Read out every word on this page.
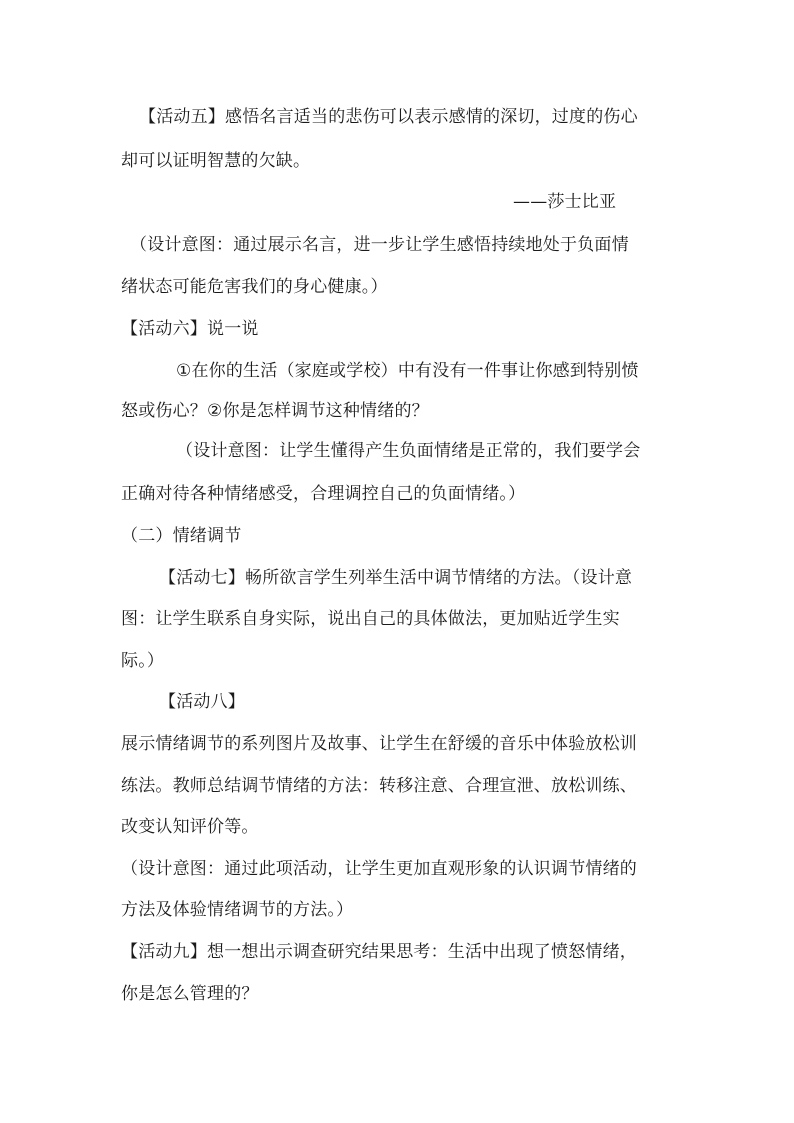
【活动五】感悟名言适当的悲伤可以表示感情的深切，过度的伤心
却可以证明智慧的欠缺。
——莎士比亚
（设计意图：通过展示名言，进一步让学生感悟持续地处于负面情
绪状态可能危害我们的身心健康。）
【活动六】说一说
①在你的生活（家庭或学校）中有没有一件事让你感到特别愤
怒或伤心？②你是怎样调节这种情绪的？
（设计意图：让学生懂得产生负面情绪是正常的，我们要学会
正确对待各种情绪感受，合理调控自己的负面情绪。）
（二）情绪调节
【活动七】畅所欲言学生列举生活中调节情绪的方法。（设计意
图：让学生联系自身实际，说出自己的具体做法，更加贴近学生实
际。）
【活动八】
展示情绪调节的系列图片及故事、让学生在舒缓的音乐中体验放松训
练法。教师总结调节情绪的方法：转移注意、合理宣泄、放松训练、
改变认知评价等。
（设计意图：通过此项活动，让学生更加直观形象的认识调节情绪的
方法及体验情绪调节的方法。）
【活动九】想一想出示调查研究结果思考：生活中出现了愤怒情绪，
你是怎么管理的？
